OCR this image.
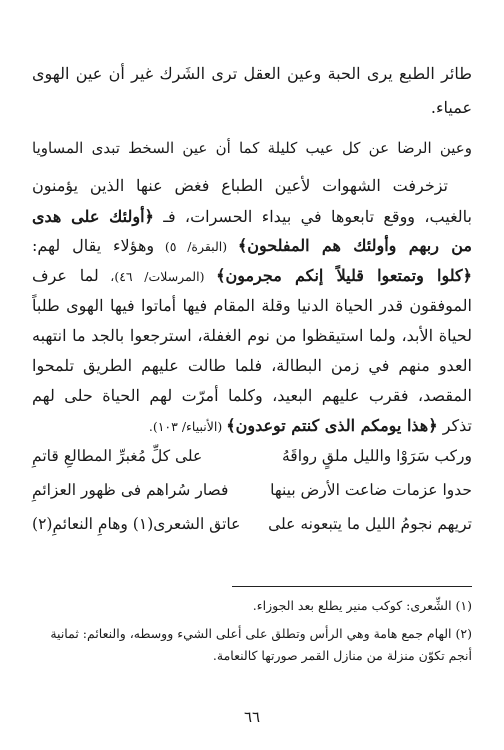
طائر الطبع يرى الحبة وعين العقل ترى الشَرك غير أن عين الهوى
عمياء.
وعين الرضا عن كل عيب كليلة كما أن عين السخط تبدى المساويا
تزخرفت الشهوات لأعين الطباع فغض عنها الذين يؤمنون
بالغيب، ووقع تابعوها في بيداء الحسرات، فـ ﴿أولئك على هدى
من ربهم وأولئك هم المفلحون﴾ (البقرة/ ٥) وهؤلاء يقال لهم:
﴿كلوا وتمتعوا قليلاً إنكم مجرمون﴾ (المرسلات/ ٤٦)، لما عرف
الموفقون قدر الحياة الدنيا وقلة المقام فيها أماتوا فيها الهوى طلباً
لحياة الأبد، ولما استيقظوا من نوم الغفلة، استرجعوا بالجد ما انتهبه
العدو منهم في زمن البطالة، فلما طالت عليهم الطريق تلمحوا
المقصد، فقرب عليهم البعيد، وكلما أمرّت لهم الحياة حلى لهم
تذكر ﴿هذا يومكم الذى كنتم توعدون﴾ (الأنبياء/ ١٠٣).
وركب سَرَوْا والليل ملقٍ رواقَهُ
على كلِّ مُغبرِّ المطالعِ قاتمِ
حدوا عزمات ضاعت الأرض بينها
فصار سُراهم فى ظهور العزائمِ
تريهم نجومُ الليل ما يتبعونه على
عاتق الشعرى(١) وهامِ النعائمِ(٢)
(١) الشِّعرى: كوكب منير يطلع بعد الجوزاء.
(٢) الهام جمع هامة وهي الرأس وتطلق على أعلى الشيء ووسطه، والنعائم: ثمانية
أنجم تكوّن منزلة من منازل القمر صورتها كالنعامة.
٦٦
